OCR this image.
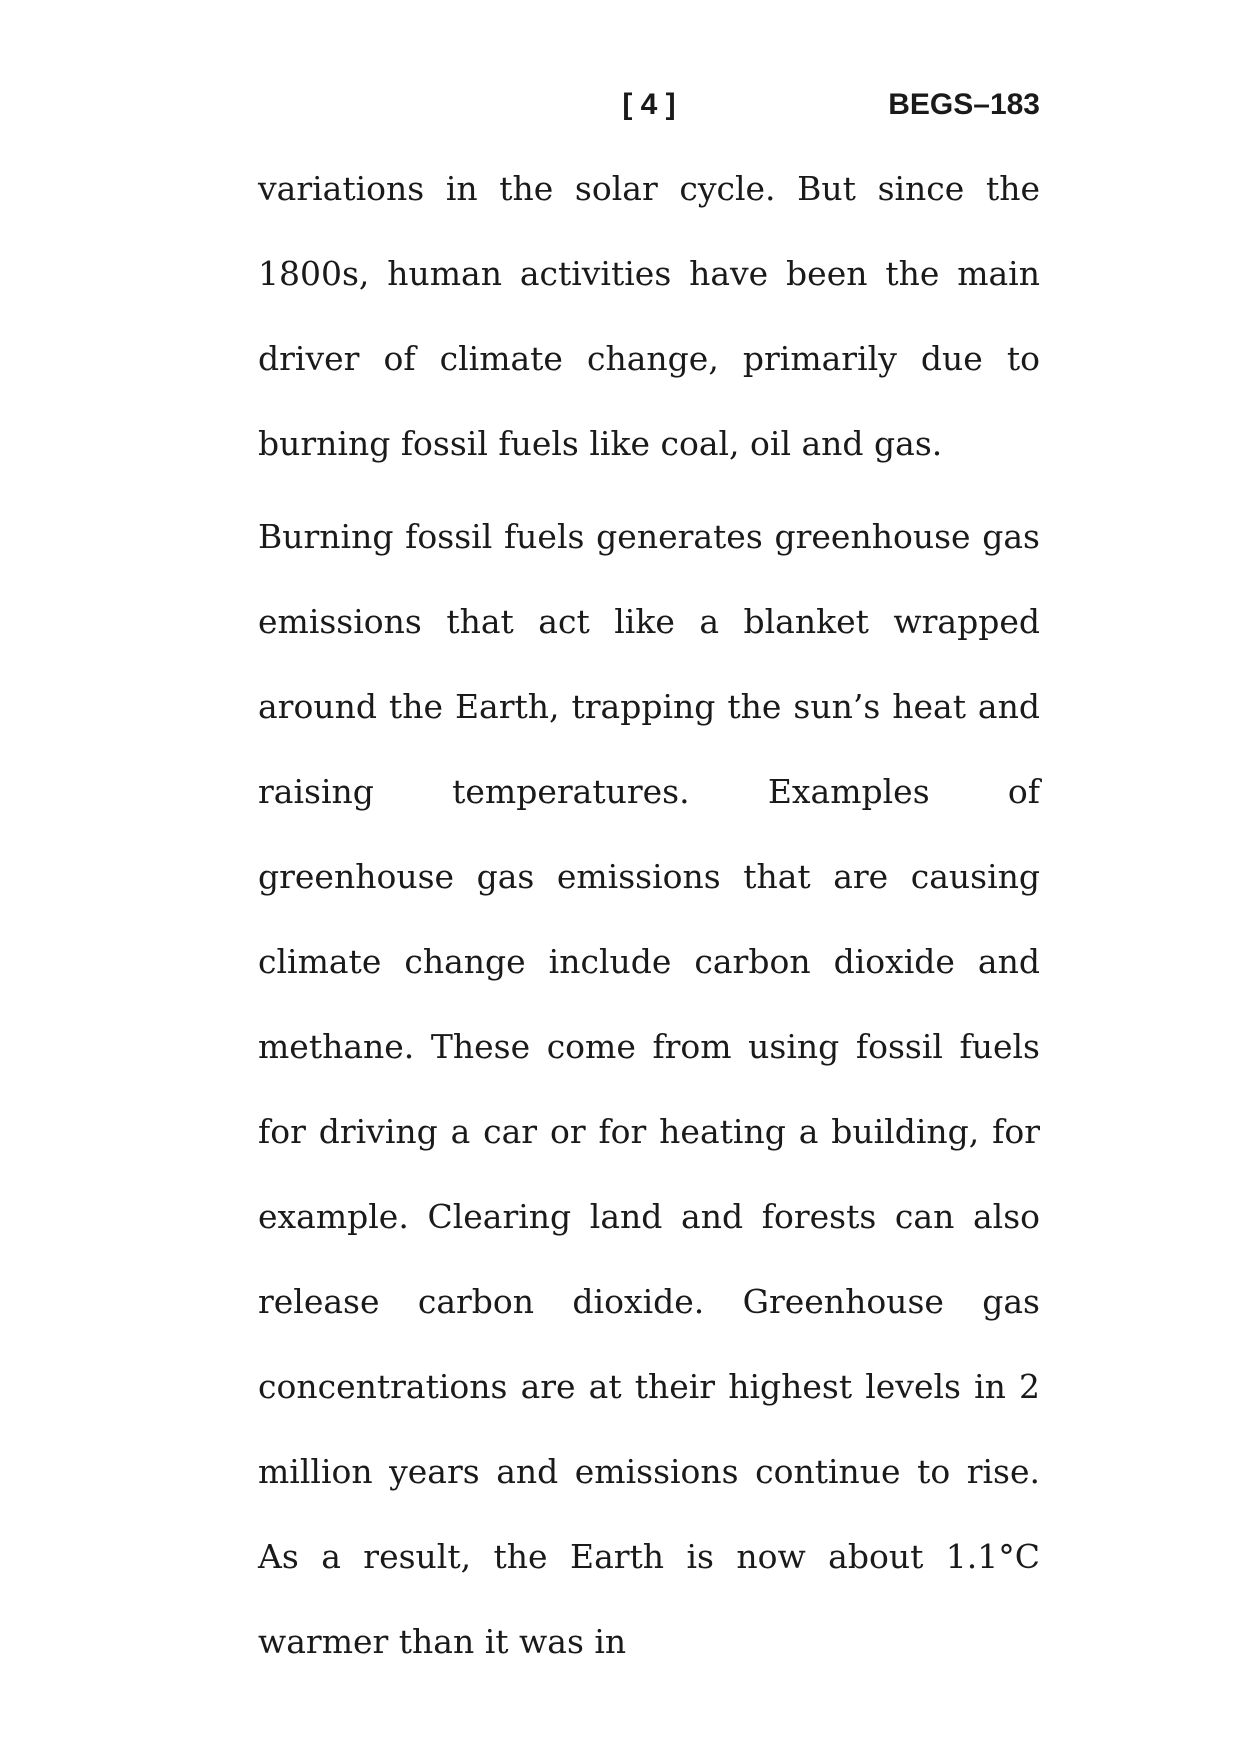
[ 4 ]	BEGS–183

variations in the solar cycle. But since the 1800s, human activities have been the main driver of climate change, primarily due to burning fossil fuels like coal, oil and gas.

Burning fossil fuels generates greenhouse gas emissions that act like a blanket wrapped around the Earth, trapping the sun’s heat and raising temperatures. Examples of greenhouse gas emissions that are causing climate change include carbon dioxide and methane. These come from using fossil fuels for driving a car or for heating a building, for example. Clearing land and forests can also release carbon dioxide. Greenhouse gas concentrations are at their highest levels in 2 million years and emissions continue to rise. As a result, the Earth is now about 1.1°C warmer than it was in
